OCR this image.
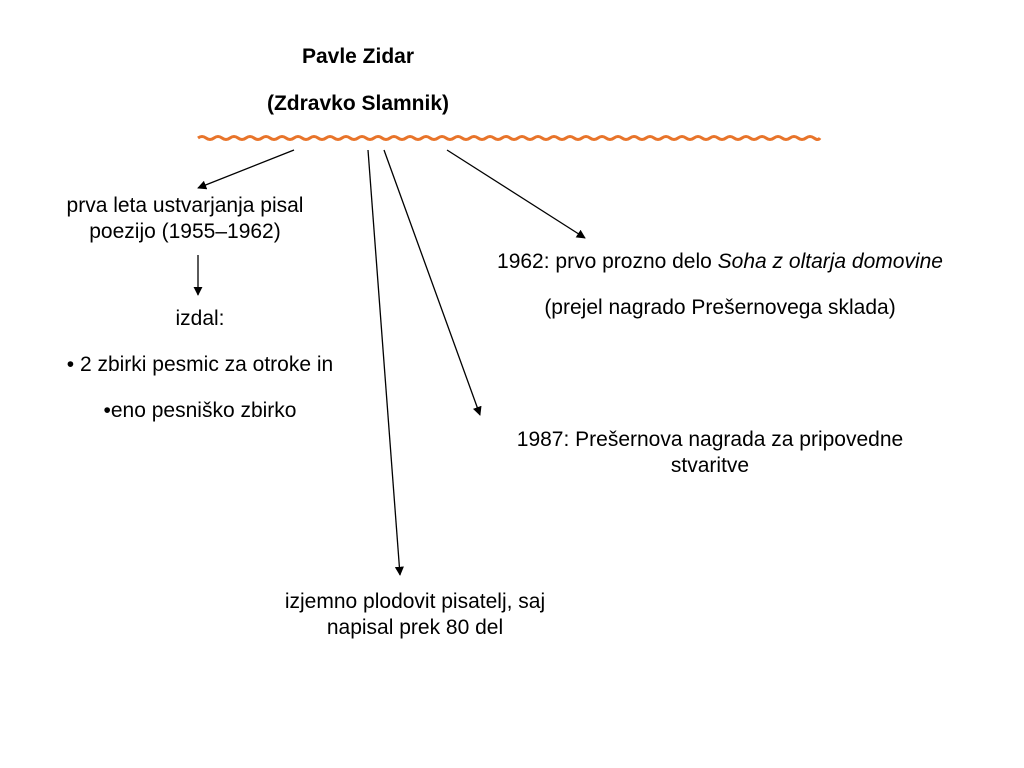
Pavle Zidar
(Zdravko Slamnik)

prva leta ustvarjanja pisal

poezijo (1955–1962)

izdal:

• 2 zbirki pesmic za otroke in

•eno pesniško zbirko

1962: prvo prozno delo Soha z oltarja domovine

(prejel nagrado Prešernovega sklada)

1987: Prešernova nagrada za pripovedne

stvaritve

izjemno plodovit pisatelj, saj

napisal prek 80 del
